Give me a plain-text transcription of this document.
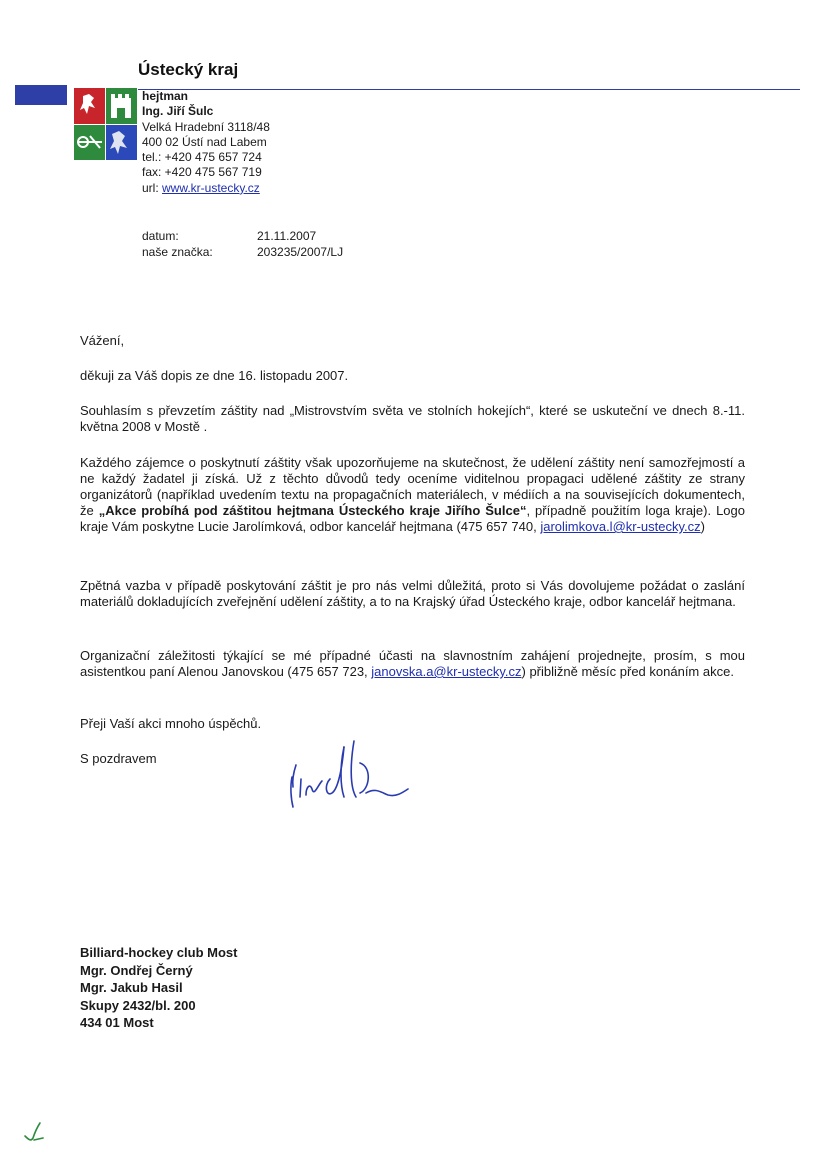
Ústecký kraj
hejtman
Ing. Jiří Šulc
Velká Hradební 3118/48
400 02 Ústí nad Labem
tel.: +420 475 657 724
fax: +420 475 567 719
url: www.kr-ustecky.cz
datum:	21.11.2007
naše značka:	203235/2007/LJ

Vážení,

děkuji za Váš dopis ze dne 16. listopadu 2007.

Souhlasím s převzetím záštity nad „Mistrovstvím světa ve stolních hokejích“, které se uskuteční ve dnech 8.-11. května 2008 v Mostě .

Každého zájemce o poskytnutí záštity však upozorňujeme na skutečnost, že udělení záštity není samozřejmostí a ne každý žadatel ji získá. Už z těchto důvodů tedy oceníme viditelnou propagaci udělené záštity ze strany organizátorů (například uvedením textu na propagačních materiálech, v médiích a na souvisejících dokumentech, že „Akce probíhá pod záštitou hejtmana Ústeckého kraje Jiřího Šulce“, případně použitím loga kraje). Logo kraje Vám poskytne Lucie Jarolímková, odbor kancelář hejtmana (475 657 740, jarolimkova.l@kr-ustecky.cz)

Zpětná vazba v případě poskytování záštit je pro nás velmi důležitá, proto si Vás dovolujeme požádat o zaslání materiálů dokladujících zveřejnění udělení záštity, a to na Krajský úřad Ústeckého kraje, odbor kancelář hejtmana.

Organizační záležitosti týkající se mé případné účasti na slavnostním zahájení projednejte, prosím, s mou asistentkou paní Alenou Janovskou (475 657 723, janovska.a@kr-ustecky.cz) přibližně měsíc před konáním akce.

Přeji Vaší akci mnoho úspěchů.

S pozdravem

Billiard-hockey club Most
Mgr. Ondřej Černý
Mgr. Jakub Hasil
Skupy 2432/bl. 200
434 01 Most
